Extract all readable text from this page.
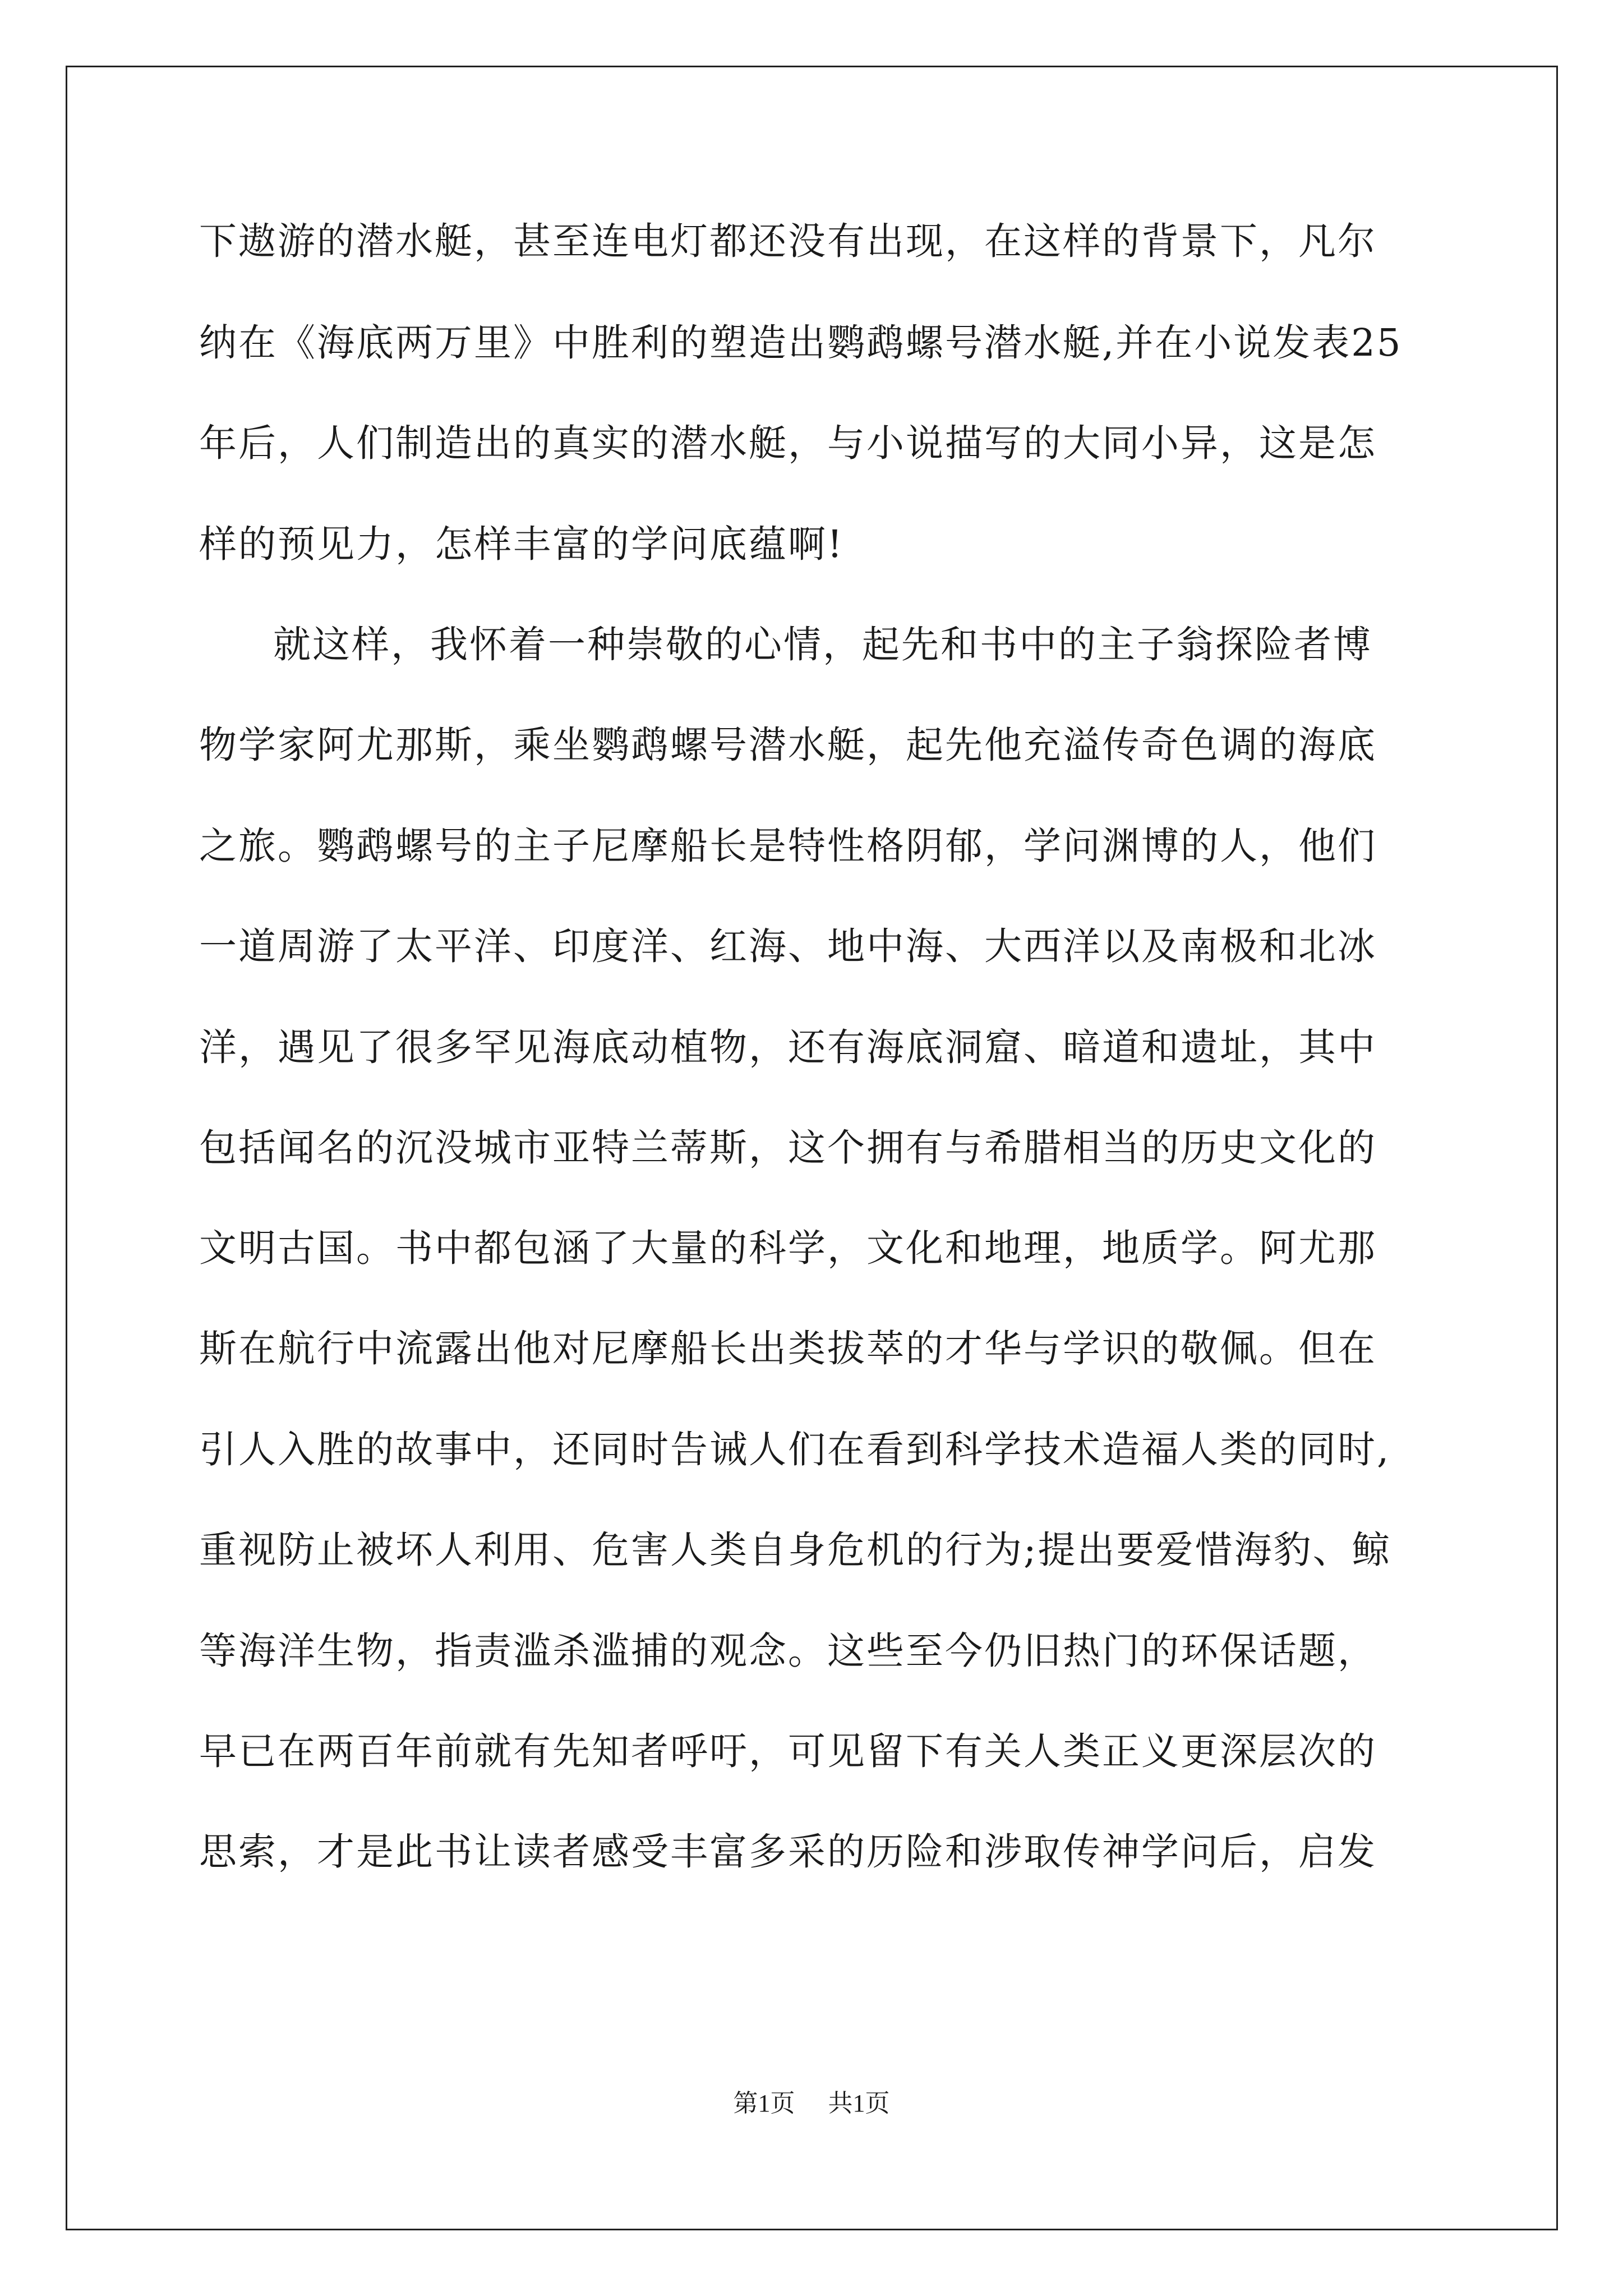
下遨游的潜水艇，甚至连电灯都还没有出现，在这样的背景下，凡尔
纳在《海底两万里》中胜利的塑造出鹦鹉螺号潜水艇,并在小说发表25
年后，人们制造出的真实的潜水艇，与小说描写的大同小异，这是怎
样的预见力，怎样丰富的学问底蕴啊!
就这样，我怀着一种崇敬的心情，起先和书中的主子翁探险者博
物学家阿尤那斯，乘坐鹦鹉螺号潜水艇，起先他充溢传奇色调的海底
之旅。鹦鹉螺号的主子尼摩船长是特性格阴郁，学问渊博的人，他们
一道周游了太平洋、印度洋、红海、地中海、大西洋以及南极和北冰
洋，遇见了很多罕见海底动植物，还有海底洞窟、暗道和遗址，其中
包括闻名的沉没城市亚特兰蒂斯，这个拥有与希腊相当的历史文化的
文明古国。书中都包涵了大量的科学，文化和地理，地质学。阿尤那
斯在航行中流露出他对尼摩船长出类拔萃的才华与学识的敬佩。但在
引人入胜的故事中，还同时告诫人们在看到科学技术造福人类的同时,
重视防止被坏人利用、危害人类自身危机的行为;提出要爱惜海豹、鲸
等海洋生物，指责滥杀滥捕的观念。这些至今仍旧热门的环保话题，
早已在两百年前就有先知者呼吁，可见留下有关人类正义更深层次的
思索，才是此书让读者感受丰富多采的历险和涉取传神学问后，启发
第1页 共1页
